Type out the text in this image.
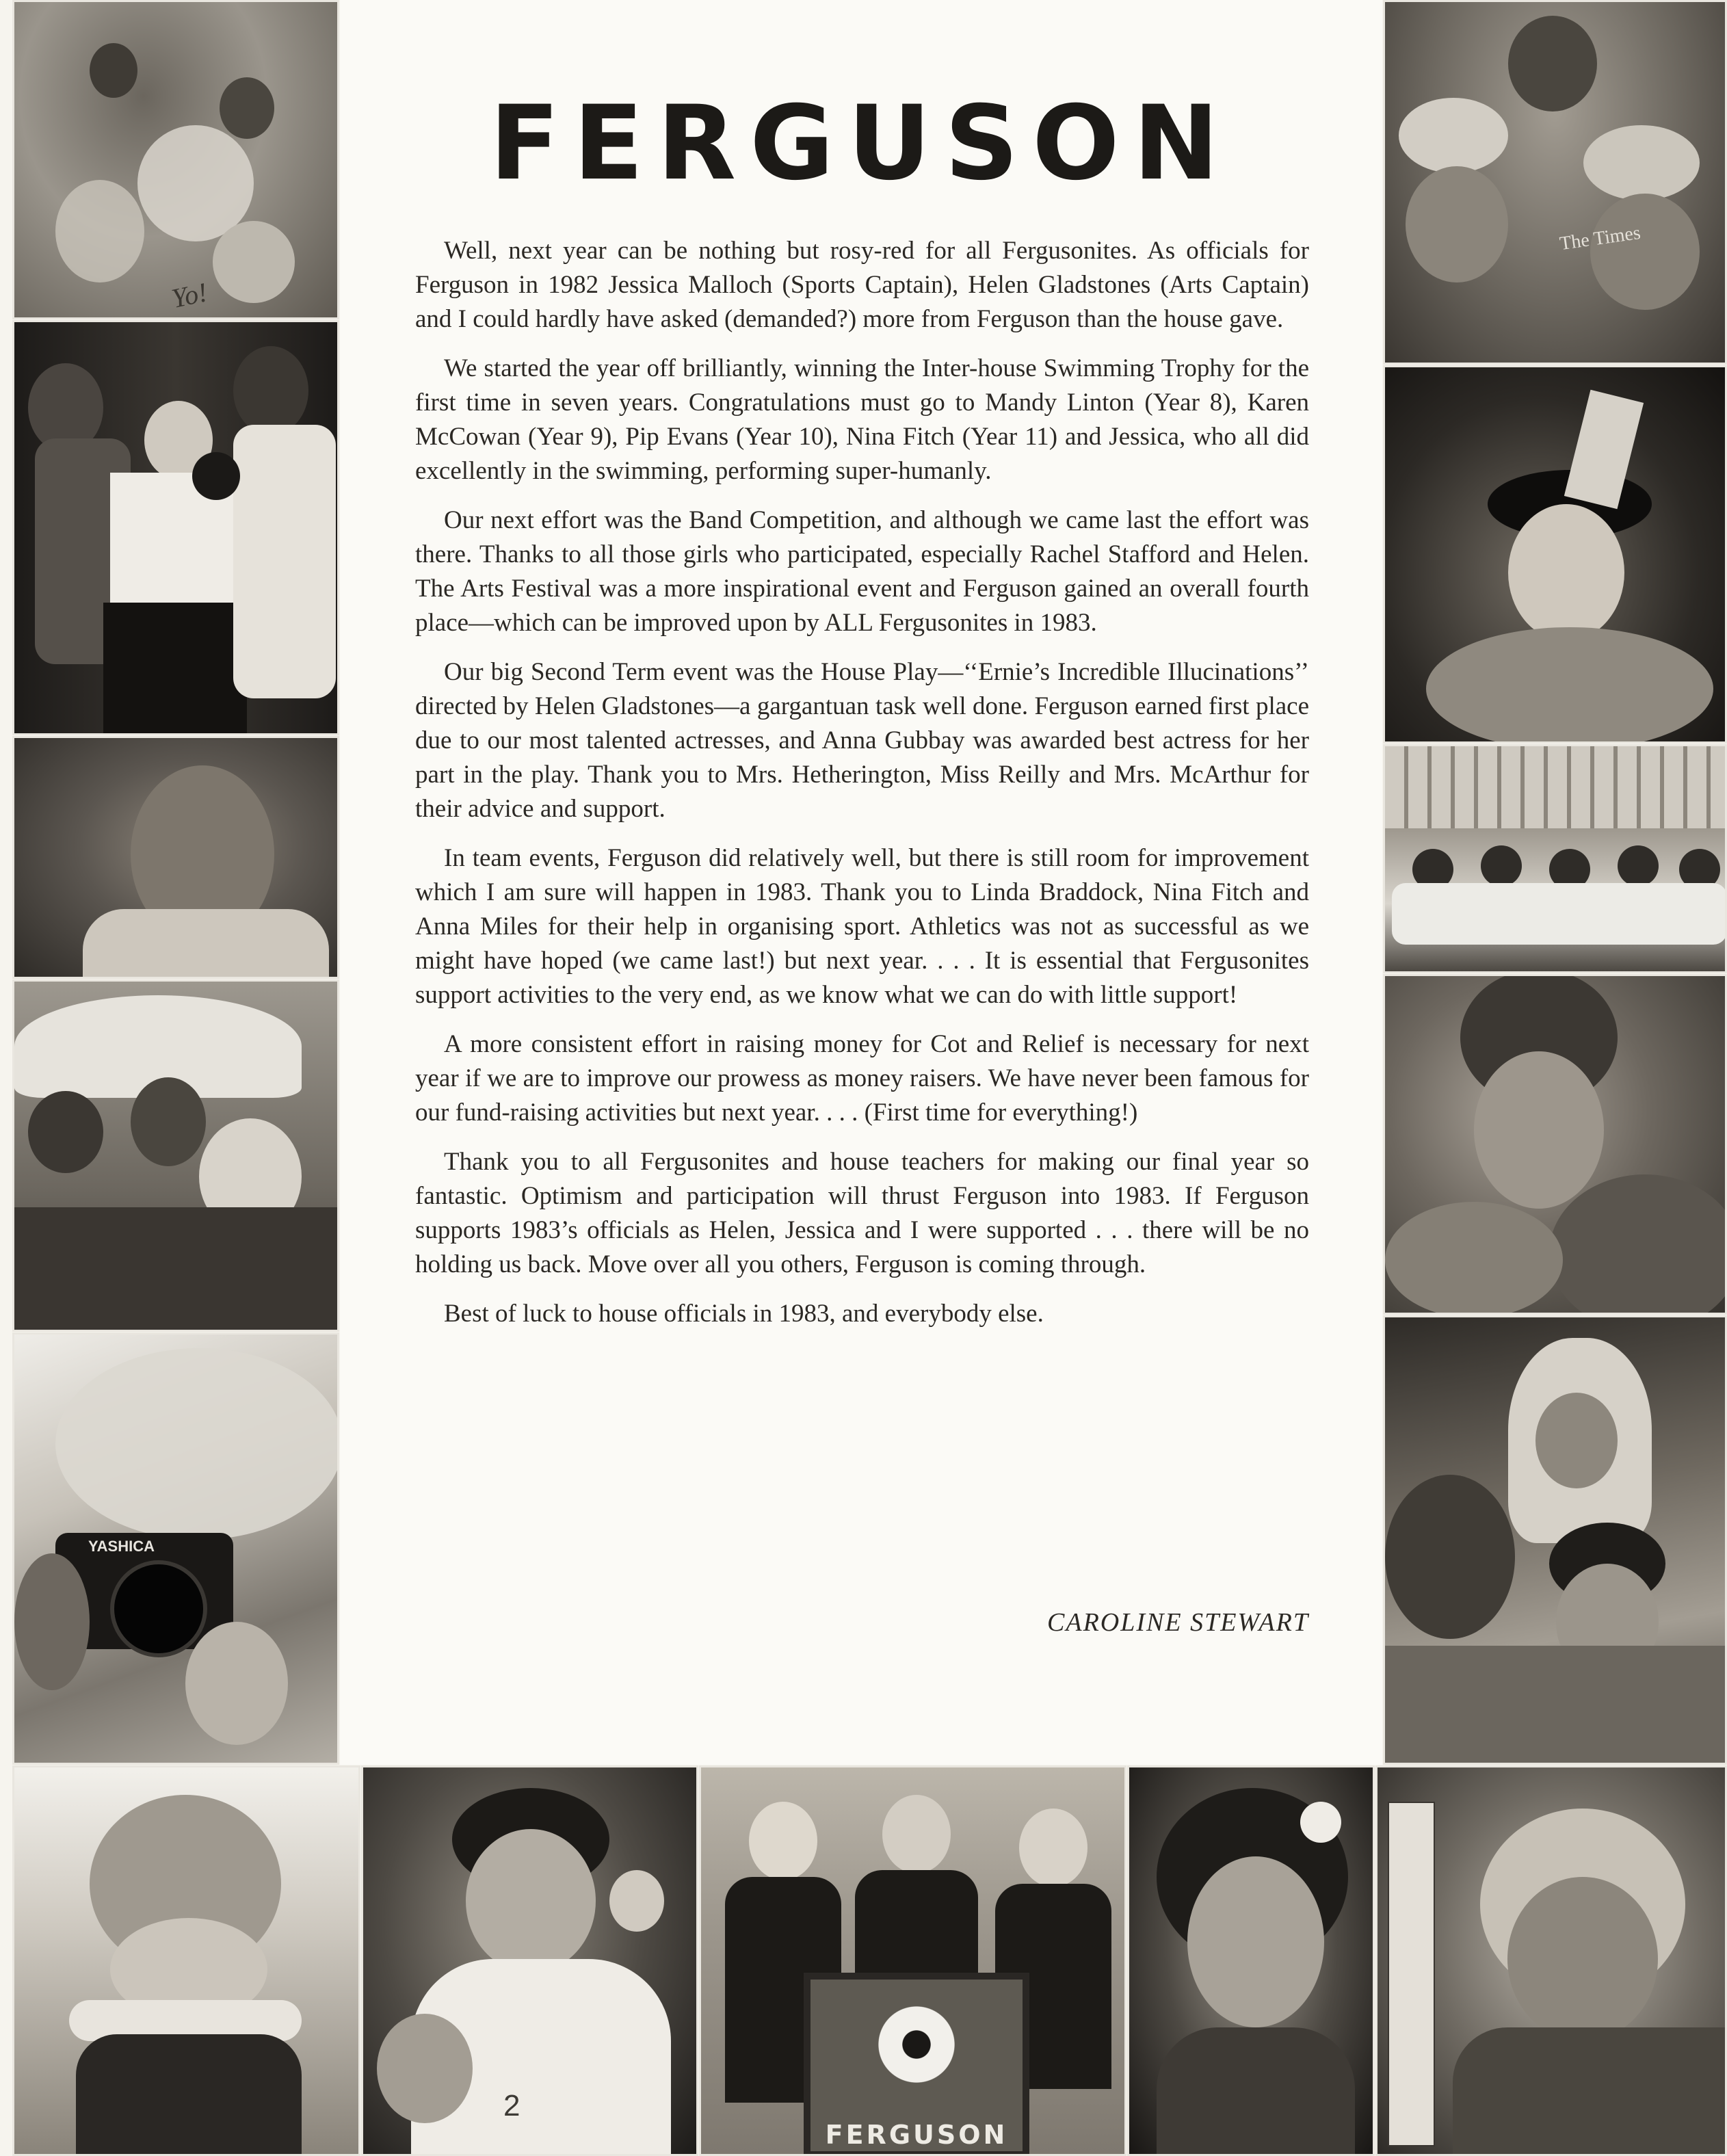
Yo!
YASHICA
FERGUSON

Well, next year can be nothing but rosy-red for all Fergusonites. As officials for Ferguson in 1982 Jessica Malloch (Sports Captain), Helen Gladstones (Arts Captain) and I could hardly have asked (demanded?) more from Ferguson than the house gave.

We started the year off brilliantly, winning the Inter-house Swimming Trophy for the first time in seven years. Congratulations must go to Mandy Linton (Year 8), Karen McCowan (Year 9), Pip Evans (Year 10), Nina Fitch (Year 11) and Jessica, who all did excellently in the swimming, performing super-humanly.

Our next effort was the Band Competition, and although we came last the effort was there. Thanks to all those girls who participated, especially Rachel Stafford and Helen. The Arts Festival was a more inspirational event and Ferguson gained an overall fourth place—which can be improved upon by ALL Fergusonites in 1983.

Our big Second Term event was the House Play—‘‘Ernie’s Incredible Illucinations’’ directed by Helen Gladstones—a gargantuan task well done. Ferguson earned first place due to our most talented actresses, and Anna Gubbay was awarded best actress for her part in the play. Thank you to Mrs. Hetherington, Miss Reilly and Mrs. McArthur for their advice and support.

In team events, Ferguson did relatively well, but there is still room for improvement which I am sure will happen in 1983. Thank you to Linda Braddock, Nina Fitch and Anna Miles for their help in organising sport. Athletics was not as successful as we might have hoped (we came last!) but next year. . . . It is essential that Fergusonites support activities to the very end, as we know what we can do with little support!

A more consistent effort in raising money for Cot and Relief is necessary for next year if we are to improve our prowess as money raisers. We have never been famous for our fund-raising activities but next year. . . . (First time for everything!)

Thank you to all Fergusonites and house teachers for making our final year so fantastic. Optimism and participation will thrust Ferguson into 1983. If Ferguson supports 1983’s officials as Helen, Jessica and I were supported . . . there will be no holding us back. Move over all you others, Ferguson is coming through.

Best of luck to house officials in 1983, and everybody else.

CAROLINE STEWART
The Times
2
FERGUSON
